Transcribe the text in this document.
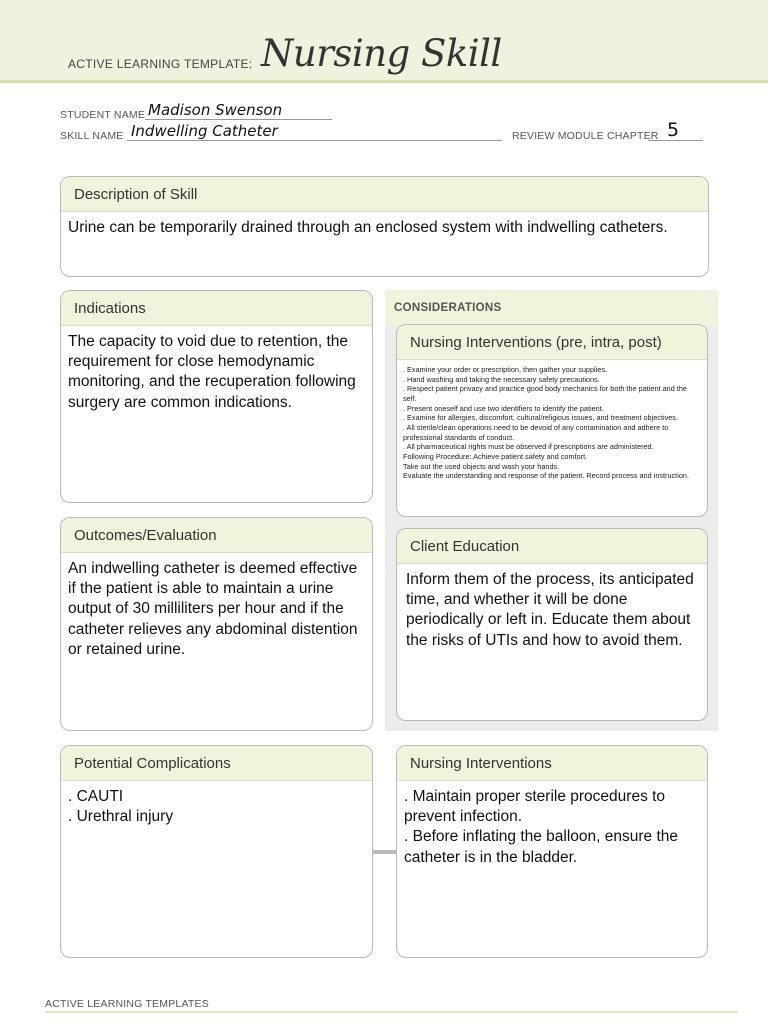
ACTIVE LEARNING TEMPLATE: Nursing Skill
STUDENT NAME Madison Swenson
SKILL NAME Indwelling Catheter	REVIEW MODULE CHAPTER 5
Description of Skill
Urine can be temporarily drained through an enclosed system with indwelling catheters.
Indications
The capacity to void due to retention, the requirement for close hemodynamic monitoring, and the recuperation following surgery are common indications.
CONSIDERATIONS
Nursing Interventions (pre, intra, post)
. Examine your order or prescription, then gather your supplies.
. Hand washing and taking the necessary safety precautions.
. Respect patient privacy and practice good body mechanics for both the patient and the self.
. Present oneself and use two identifiers to identify the patient.
. Examine for allergies, discomfort, cultural/religious issues, and treatment objectives.
. All sterile/clean operations need to be devoid of any contamination and adhere to professional standards of conduct.
. All pharmaceutical rights must be observed if prescriptions are administered.
Following Procedure: Achieve patient safety and comfort.
Take out the used objects and wash your hands.
Evaluate the understanding and response of the patient. Record process and instruction.
Client Education
Inform them of the process, its anticipated time, and whether it will be done periodically or left in. Educate them about the risks of UTIs and how to avoid them.
Outcomes/Evaluation
An indwelling catheter is deemed effective if the patient is able to maintain a urine output of 30 milliliters per hour and if the catheter relieves any abdominal distention or retained urine.
Potential Complications
. CAUTI
. Urethral injury
Nursing Interventions
. Maintain proper sterile procedures to prevent infection.
. Before inflating the balloon, ensure the catheter is in the bladder.
ACTIVE LEARNING TEMPLATES
